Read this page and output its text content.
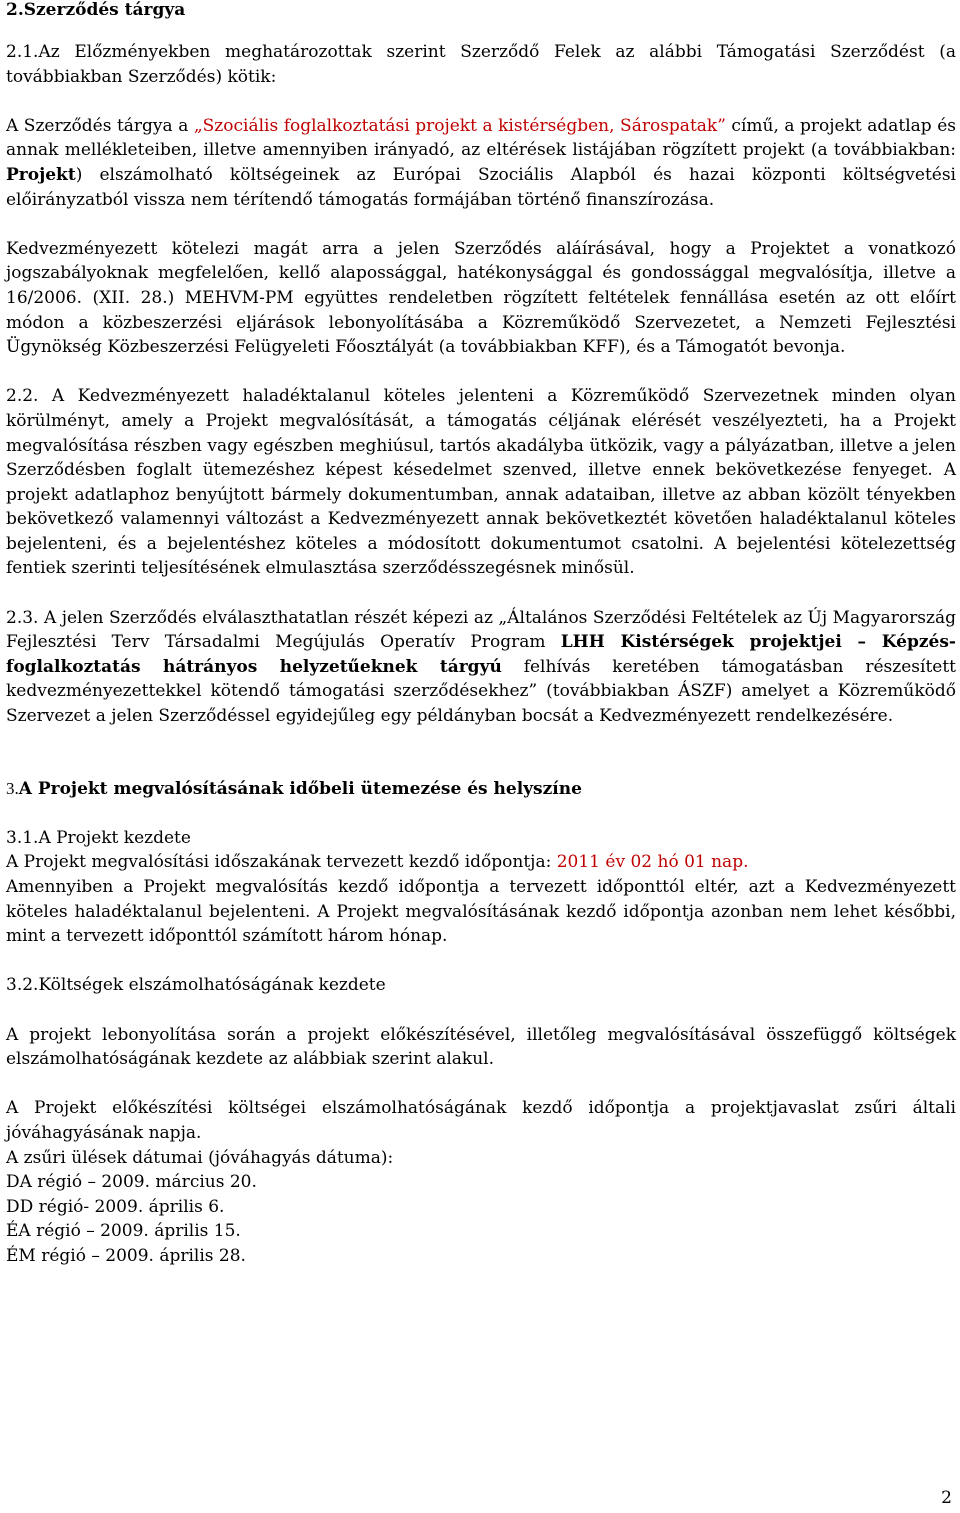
2.Szerződés tárgya

2.1.Az Előzményekben meghatározottak szerint Szerződő Felek az alábbi Támogatási Szerződést (a továbbiakban Szerződés) kötik:

A Szerződés tárgya a „Szociális foglalkoztatási projekt a kistérségben, Sárospatak” című, a projekt adatlap és annak mellékleteiben, illetve amennyiben irányadó, az eltérések listájában rögzített projekt (a továbbiakban: Projekt) elszámolható költségeinek az Európai Szociális Alapból és hazai központi költségvetési előirányzatból vissza nem térítendő támogatás formájában történő finanszírozása.

Kedvezményezett kötelezi magát arra a jelen Szerződés aláírásával, hogy a Projektet a vonatkozó jogszabályoknak megfelelően, kellő alapossággal, hatékonysággal és gondossággal megvalósítja, illetve a 16/2006. (XII. 28.) MEHVM-PM együttes rendeletben rögzített feltételek fennállása esetén az ott előírt módon a közbeszerzési eljárások lebonyolításába a Közreműködő Szervezetet, a Nemzeti Fejlesztési Ügynökség Közbeszerzési Felügyeleti Főosztályát (a továbbiakban KFF), és a Támogatót bevonja.

2.2. A Kedvezményezett haladéktalanul köteles jelenteni a Közreműködő Szervezetnek minden olyan körülményt, amely a Projekt megvalósítását, a támogatás céljának elérését veszélyezteti, ha a Projekt megvalósítása részben vagy egészben meghiúsul, tartós akadályba ütközik, vagy a pályázatban, illetve a jelen Szerződésben foglalt ütemezéshez képest késedelmet szenved, illetve ennek bekövetkezése fenyeget. A projekt adatlaphoz benyújtott bármely dokumentumban, annak adataiban, illetve az abban közölt tényekben bekövetkező valamennyi változást a Kedvezményezett annak bekövetkeztét követően haladéktalanul köteles bejelenteni, és a bejelentéshez köteles a módosított dokumentumot csatolni. A bejelentési kötelezettség fentiek szerinti teljesítésének elmulasztása szerződésszegésnek minősül.

2.3. A jelen Szerződés elválaszthatatlan részét képezi az „Általános Szerződési Feltételek az Új Magyarország Fejlesztési Terv Társadalmi Megújulás Operatív Program LHH Kistérségek projektjei – Képzés-foglalkoztatás hátrányos helyzetűeknek tárgyú felhívás keretében támogatásban részesített kedvezményezettekkel kötendő támogatási szerződésekhez” (továbbiakban ÁSZF) amelyet a Közreműködő Szervezet a jelen Szerződéssel egyidejűleg egy példányban bocsát a Kedvezményezett rendelkezésére.

3.A Projekt megvalósításának időbeli ütemezése és helyszíne

3.1.A Projekt kezdete

A Projekt megvalósítási időszakának tervezett kezdő időpontja: 2011 év 02 hó 01 nap.

Amennyiben a Projekt megvalósítás kezdő időpontja a tervezett időponttól eltér, azt a Kedvezményezett köteles haladéktalanul bejelenteni. A Projekt megvalósításának kezdő időpontja azonban nem lehet későbbi, mint a tervezett időponttól számított három hónap.

3.2.Költségek elszámolhatóságának kezdete

A projekt lebonyolítása során a projekt előkészítésével, illetőleg megvalósításával összefüggő költségek elszámolhatóságának kezdete az alábbiak szerint alakul.

A Projekt előkészítési költségei elszámolhatóságának kezdő időpontja a projektjavaslat zsűri általi jóváhagyásának napja.

A zsűri ülések dátumai (jóváhagyás dátuma):

DA régió – 2009. március 20.

DD régió- 2009. április 6.

ÉA régió – 2009. április 15.

ÉM régió – 2009. április 28.

2
